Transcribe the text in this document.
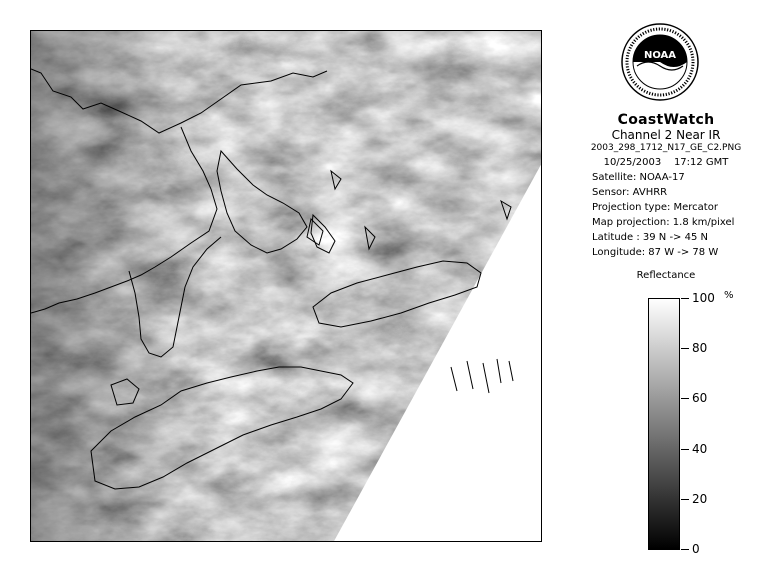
NOAA
CoastWatch
Channel 2 Near IR
2003_298_1712_N17_GE_C2.PNG
10/25/2003 17:12 GMT
Satellite: NOAA-17
Sensor: AVHRR
Projection type: Mercator
Map projection: 1.8 km/pixel
Latitude : 39 N -> 45 N
Longitude: 87 W -> 78 W
Reflectance
%
100
80
60
40
20
0
